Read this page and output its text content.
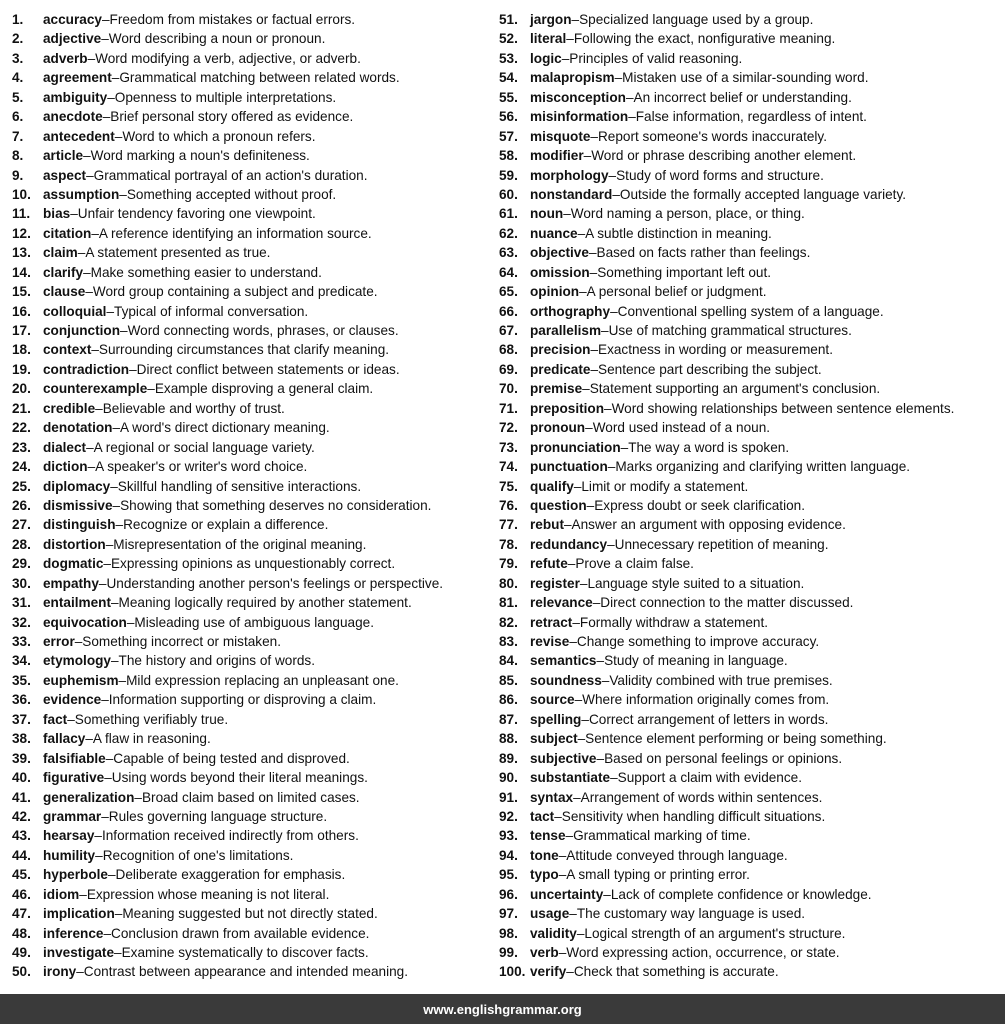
1.	accuracy – Freedom from mistakes or factual errors.
2.	adjective – Word describing a noun or pronoun.
3.	adverb – Word modifying a verb, adjective, or adverb.
4.	agreement – Grammatical matching between related words.
5.	ambiguity – Openness to multiple interpretations.
6.	anecdote – Brief personal story offered as evidence.
7.	antecedent – Word to which a pronoun refers.
8.	article – Word marking a noun's definiteness.
9.	aspect – Grammatical portrayal of an action's duration.
10. assumption – Something accepted without proof.
11. bias – Unfair tendency favoring one viewpoint.
12. citation – A reference identifying an information source.
13. claim – A statement presented as true.
14. clarify – Make something easier to understand.
15. clause – Word group containing a subject and predicate.
16. colloquial – Typical of informal conversation.
17. conjunction – Word connecting words, phrases, or clauses.
18. context – Surrounding circumstances that clarify meaning.
19. contradiction – Direct conflict between statements or ideas.
20. counterexample – Example disproving a general claim.
21. credible – Believable and worthy of trust.
22. denotation – A word's direct dictionary meaning.
23. dialect – A regional or social language variety.
24. diction – A speaker's or writer's word choice.
25. diplomacy – Skillful handling of sensitive interactions.
26. dismissive – Showing that something deserves no consideration.
27. distinguish – Recognize or explain a difference.
28. distortion – Misrepresentation of the original meaning.
29. dogmatic – Expressing opinions as unquestionably correct.
30. empathy – Understanding another person's feelings or perspective.
31. entailment – Meaning logically required by another statement.
32. equivocation – Misleading use of ambiguous language.
33. error – Something incorrect or mistaken.
34. etymology – The history and origins of words.
35. euphemism – Mild expression replacing an unpleasant one.
36. evidence – Information supporting or disproving a claim.
37. fact – Something verifiably true.
38. fallacy – A flaw in reasoning.
39. falsifiable – Capable of being tested and disproved.
40. figurative – Using words beyond their literal meanings.
41. generalization – Broad claim based on limited cases.
42. grammar – Rules governing language structure.
43. hearsay – Information received indirectly from others.
44. humility – Recognition of one's limitations.
45. hyperbole – Deliberate exaggeration for emphasis.
46. idiom – Expression whose meaning is not literal.
47. implication – Meaning suggested but not directly stated.
48. inference – Conclusion drawn from available evidence.
49. investigate – Examine systematically to discover facts.
50. irony – Contrast between appearance and intended meaning.
51. jargon – Specialized language used by a group.
52. literal – Following the exact, nonfigurative meaning.
53. logic – Principles of valid reasoning.
54. malapropism – Mistaken use of a similar-sounding word.
55. misconception – An incorrect belief or understanding.
56. misinformation – False information, regardless of intent.
57. misquote – Report someone's words inaccurately.
58. modifier – Word or phrase describing another element.
59. morphology – Study of word forms and structure.
60. nonstandard – Outside the formally accepted language variety.
61. noun – Word naming a person, place, or thing.
62. nuance – A subtle distinction in meaning.
63. objective – Based on facts rather than feelings.
64. omission – Something important left out.
65. opinion – A personal belief or judgment.
66. orthography – Conventional spelling system of a language.
67. parallelism – Use of matching grammatical structures.
68. precision – Exactness in wording or measurement.
69. predicate – Sentence part describing the subject.
70. premise – Statement supporting an argument's conclusion.
71. preposition – Word showing relationships between sentence elements.
72. pronoun – Word used instead of a noun.
73. pronunciation – The way a word is spoken.
74. punctuation – Marks organizing and clarifying written language.
75. qualify – Limit or modify a statement.
76. question – Express doubt or seek clarification.
77. rebut – Answer an argument with opposing evidence.
78. redundancy – Unnecessary repetition of meaning.
79. refute – Prove a claim false.
80. register – Language style suited to a situation.
81. relevance – Direct connection to the matter discussed.
82. retract – Formally withdraw a statement.
83. revise – Change something to improve accuracy.
84. semantics – Study of meaning in language.
85. soundness – Validity combined with true premises.
86. source – Where information originally comes from.
87. spelling – Correct arrangement of letters in words.
88. subject – Sentence element performing or being something.
89. subjective – Based on personal feelings or opinions.
90. substantiate – Support a claim with evidence.
91. syntax – Arrangement of words within sentences.
92. tact – Sensitivity when handling difficult situations.
93. tense – Grammatical marking of time.
94. tone – Attitude conveyed through language.
95. typo – A small typing or printing error.
96. uncertainty – Lack of complete confidence or knowledge.
97. usage – The customary way language is used.
98. validity – Logical strength of an argument's structure.
99. verb – Word expressing action, occurrence, or state.
100. verify – Check that something is accurate.
www.englishgrammar.org
